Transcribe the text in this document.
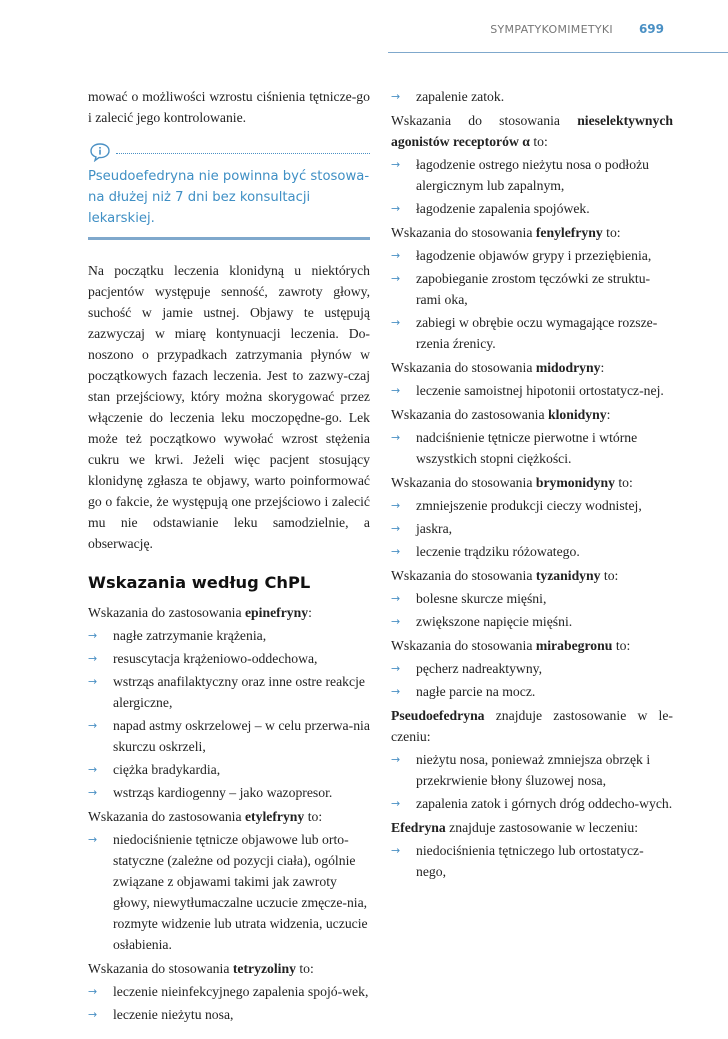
SYMPATYKOMIMETYKI 699

mować o możliwości wzrostu ciśnienia tętnicze-go i zalecić jego kontrolowanie.

Pseudoefedryna nie powinna być stosowa-na dłużej niż 7 dni bez konsultacji lekarskiej.

Na początku leczenia klonidyną u niektórych pacjentów występuje senność, zawroty głowy, suchość w jamie ustnej. Objawy te ustępują zazwyczaj w miarę kontynuacji leczenia. Do-noszono o przypadkach zatrzymania płynów w początkowych fazach leczenia. Jest to zazwy-czaj stan przejściowy, który można skorygować przez włączenie do leczenia leku moczopędne-go. Lek może też początkowo wywołać wzrost stężenia cukru we krwi. Jeżeli więc pacjent stosujący klonidynę zgłasza te objawy, warto poinformować go o fakcie, że występują one przejściowo i zalecić mu nie odstawianie leku samodzielnie, a obserwację.

Wskazania według ChPL

Wskazania do zastosowania epinefryny:

→ nagłe zatrzymanie krążenia,
→ resuscytacja krążeniowo-oddechowa,
→ wstrząs anafilaktyczny oraz inne ostre reakcje alergiczne,
→ napad astmy oskrzelowej – w celu przerwa-nia skurczu oskrzeli,
→ ciężka bradykardia,
→ wstrząs kardiogenny – jako wazopresor.

Wskazania do zastosowania etylefryny to:

→ niedociśnienie tętnicze objawowe lub orto-statyczne (zależne od pozycji ciała), ogólnie związane z objawami takimi jak zawroty głowy, niewytłumaczalne uczucie zmęcze-nia, rozmyte widzenie lub utrata widzenia, uczucie osłabienia.

Wskazania do stosowania tetryzoliny to:

→ leczenie nieinfekcyjnego zapalenia spojó-wek,
→ leczenie nieżytu nosa,
→ zapalenie zatok.

Wskazania do stosowania nieselektywnych agonistów receptorów α to:

→ łagodzenie ostrego nieżytu nosa o podłożu alergicznym lub zapalnym,
→ łagodzenie zapalenia spojówek.

Wskazania do stosowania fenylefryny to:

→ łagodzenie objawów grypy i przeziębienia,
→ zapobieganie zrostom tęczówki ze struktu-rami oka,
→ zabiegi w obrębie oczu wymagające rozsze-rzenia źrenicy.

Wskazania do stosowania midodryny:

→ leczenie samoistnej hipotonii ortostatycz-nej.

Wskazania do zastosowania klonidyny:

→ nadciśnienie tętnicze pierwotne i wtórne wszystkich stopni ciężkości.

Wskazania do stosowania brymonidyny to:

→ zmniejszenie produkcji cieczy wodnistej,
→ jaskra,
→ leczenie trądziku różowatego.

Wskazania do stosowania tyzanidyny to:

→ bolesne skurcze mięśni,
→ zwiększone napięcie mięśni.

Wskazania do stosowania mirabegronu to:

→ pęcherz nadreaktywny,
→ nagłe parcie na mocz.

Pseudoefedryna znajduje zastosowanie w le-czeniu:

→ nieżytu nosa, ponieważ zmniejsza obrzęk i przekrwienie błony śluzowej nosa,
→ zapalenia zatok i górnych dróg oddecho-wych.

Efedryna znajduje zastosowanie w leczeniu:

→ niedociśnienia tętniczego lub ortostatycz-nego,
